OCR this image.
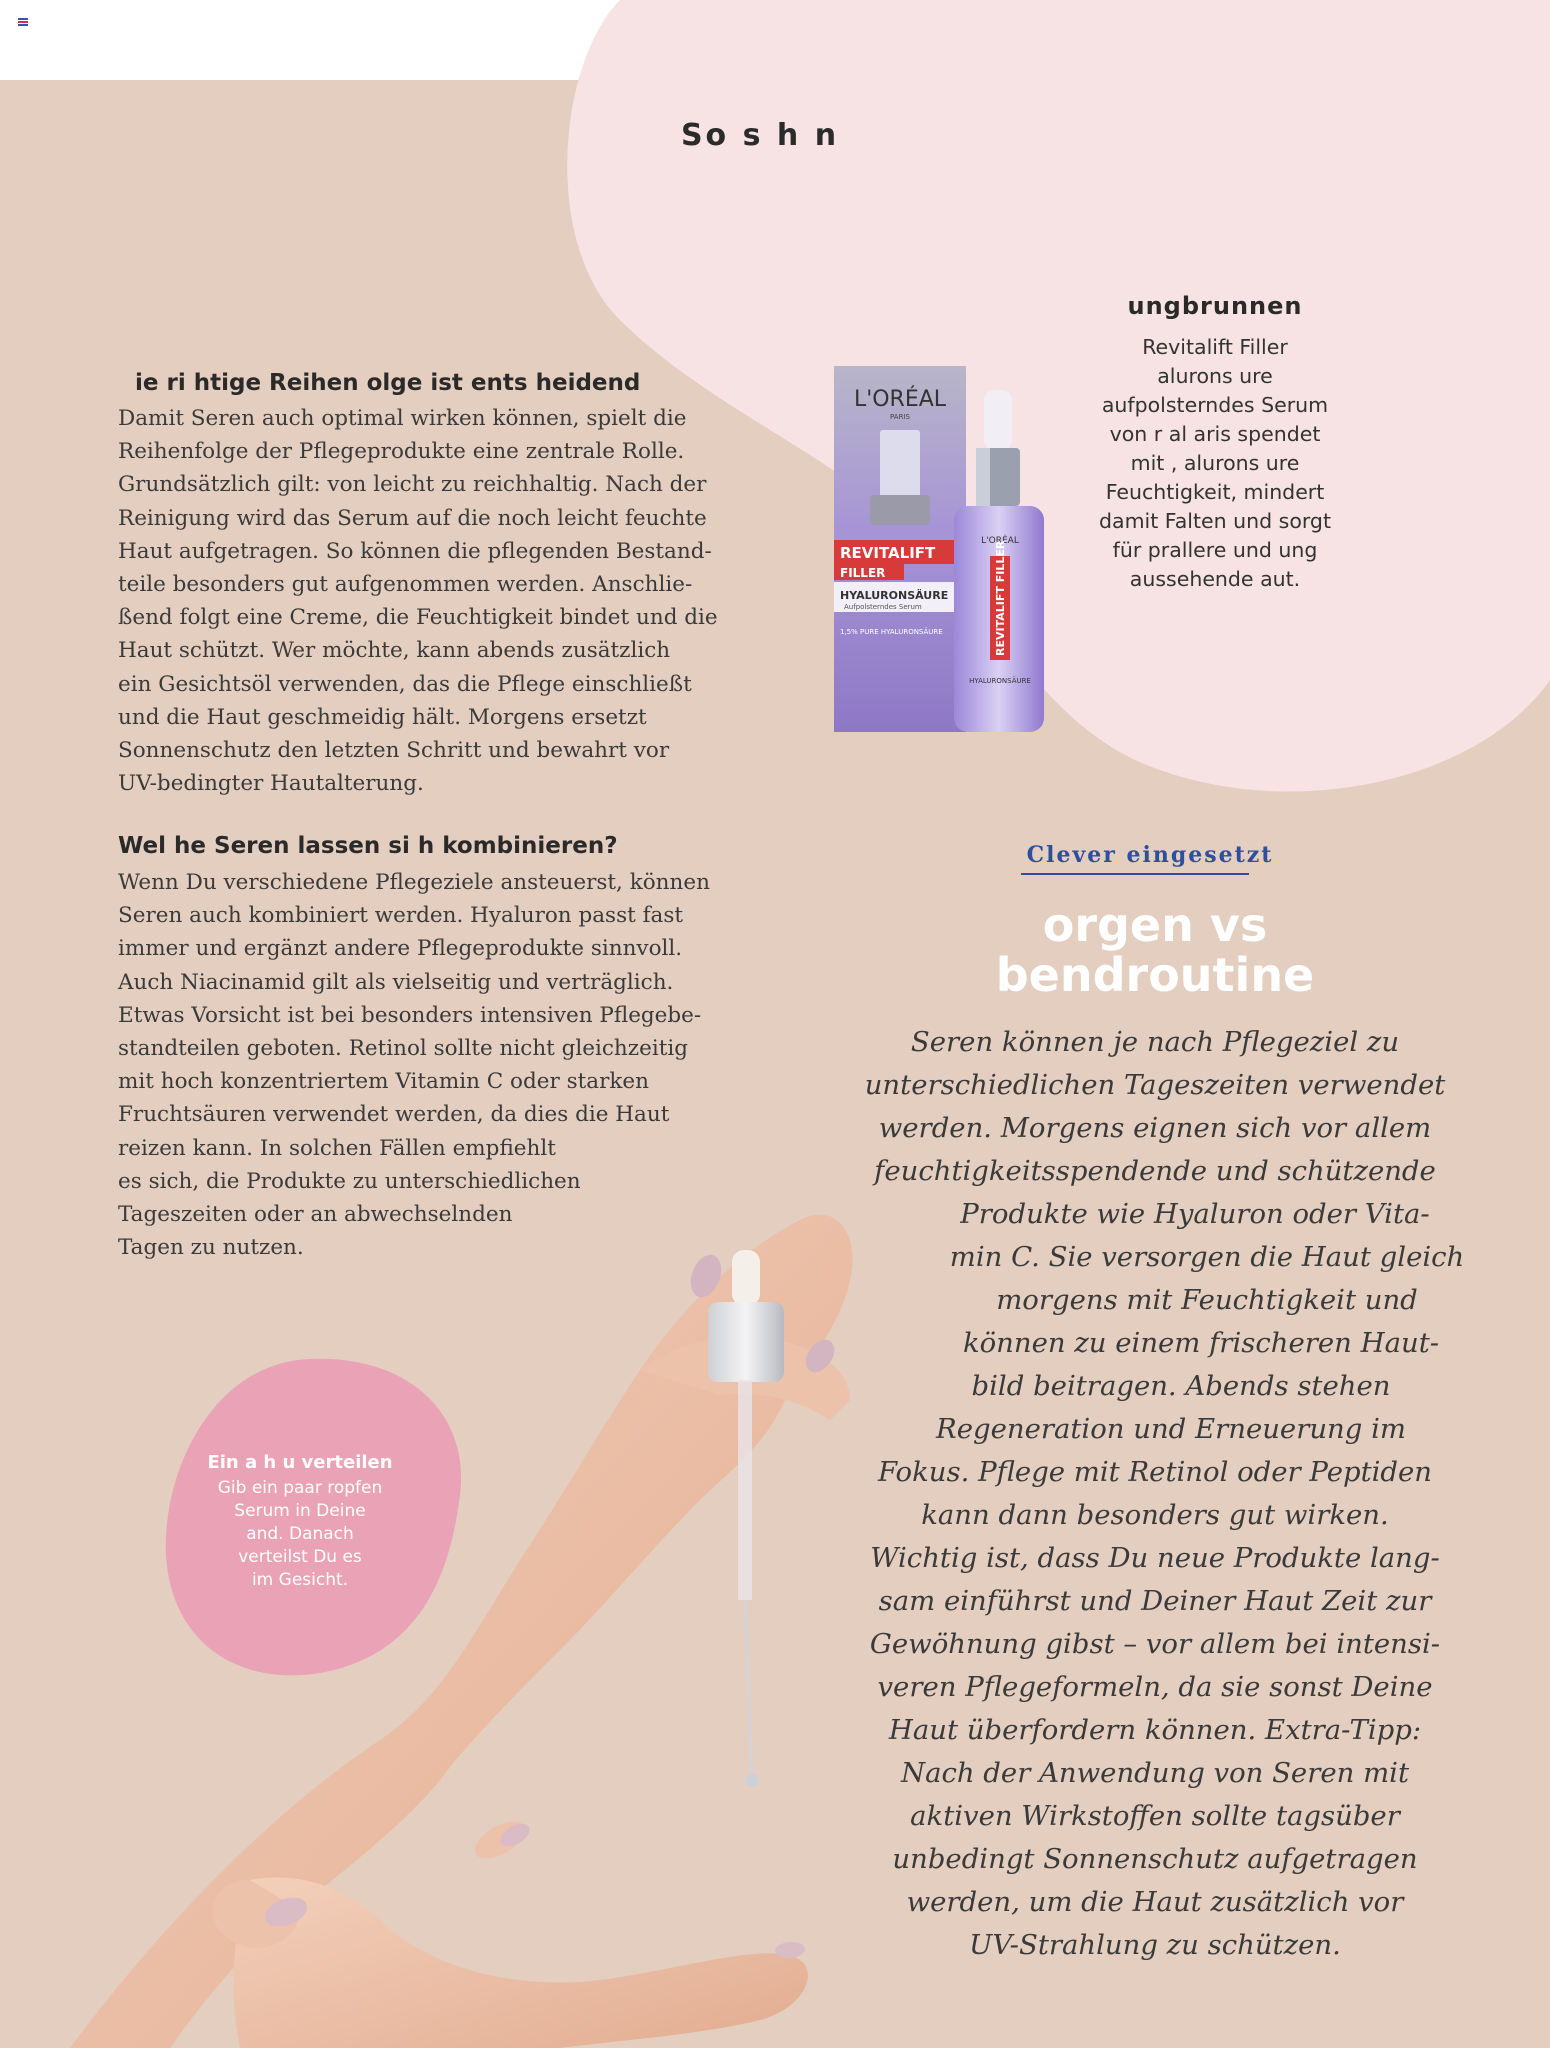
So s h n
ie ri htige Reihen olge ist ents heidend
Damit Seren auch optimal wirken können, spielt die
Reihenfolge der Pflegeprodukte eine zentrale Rolle.
Grundsätzlich gilt: von leicht zu reichhaltig. Nach der
Reinigung wird das Serum auf die noch leicht feuchte
Haut aufgetragen. So können die pflegenden Bestand-
teile besonders gut aufgenommen werden. Anschlie-
ßend folgt eine Creme, die Feuchtigkeit bindet und die
Haut schützt. Wer möchte, kann abends zusätzlich
ein Gesichtsöl verwenden, das die Pflege einschließt
und die Haut geschmeidig hält. Morgens ersetzt
Sonnenschutz den letzten Schritt und bewahrt vor
UV-bedingter Hautalterung.
Wel he Seren lassen si h kombinieren?
Wenn Du verschiedene Pflegeziele ansteuerst, können
Seren auch kombiniert werden. Hyaluron passt fast
immer und ergänzt andere Pflegeprodukte sinnvoll.
Auch Niacinamid gilt als vielseitig und verträglich.
Etwas Vorsicht ist bei besonders intensiven Pflegebe-
standteilen geboten. Retinol sollte nicht gleichzeitig
mit hoch konzentriertem Vitamin C oder starken
Fruchtsäuren verwendet werden, da dies die Haut
reizen kann. In solchen Fällen empfiehlt
es sich, die Produkte zu unterschiedlichen
Tageszeiten oder an abwechselnden
Tagen zu nutzen.
L'ORÉAL
PARIS
REVITALIFT
FILLER
HYALURONSÄURE
Aufpolsterndes Serum
1,5% PURE HYALURONSÄURE
L'ORÉAL
REVITALIFT FILLER
HYALURONSÄURE
ungbrunnen
Revitalift Filler
alurons ure
aufpolsterndes Serum
von r al aris spendet
mit , alurons ure
Feuchtigkeit, mindert
damit Falten und sorgt
für prallere und ung
aussehende aut.
Clever eingesetzt
orgen vs
bendroutine
Seren können je nach Pflegeziel zu
unterschiedlichen Tageszeiten verwendet
werden. Morgens eignen sich vor allem
feuchtigkeitsspendende und schützende
Produkte wie Hyaluron oder Vita-
min C. Sie versorgen die Haut gleich
morgens mit Feuchtigkeit und
können zu einem frischeren Haut-
bild beitragen. Abends stehen
Regeneration und Erneuerung im
Fokus. Pflege mit Retinol oder Peptiden
kann dann besonders gut wirken.
Wichtig ist, dass Du neue Produkte lang-
sam einführst und Deiner Haut Zeit zur
Gewöhnung gibst – vor allem bei intensi-
veren Pflegeformeln, da sie sonst Deine
Haut überfordern können. Extra-Tipp:
Nach der Anwendung von Seren mit
aktiven Wirkstoffen sollte tagsüber
unbedingt Sonnenschutz aufgetragen
werden, um die Haut zusätzlich vor
UV-Strahlung zu schützen.
Ein a h u verteilen
Gib ein paar ropfen
Serum in Deine
and. Danach
verteilst Du es
im Gesicht.
